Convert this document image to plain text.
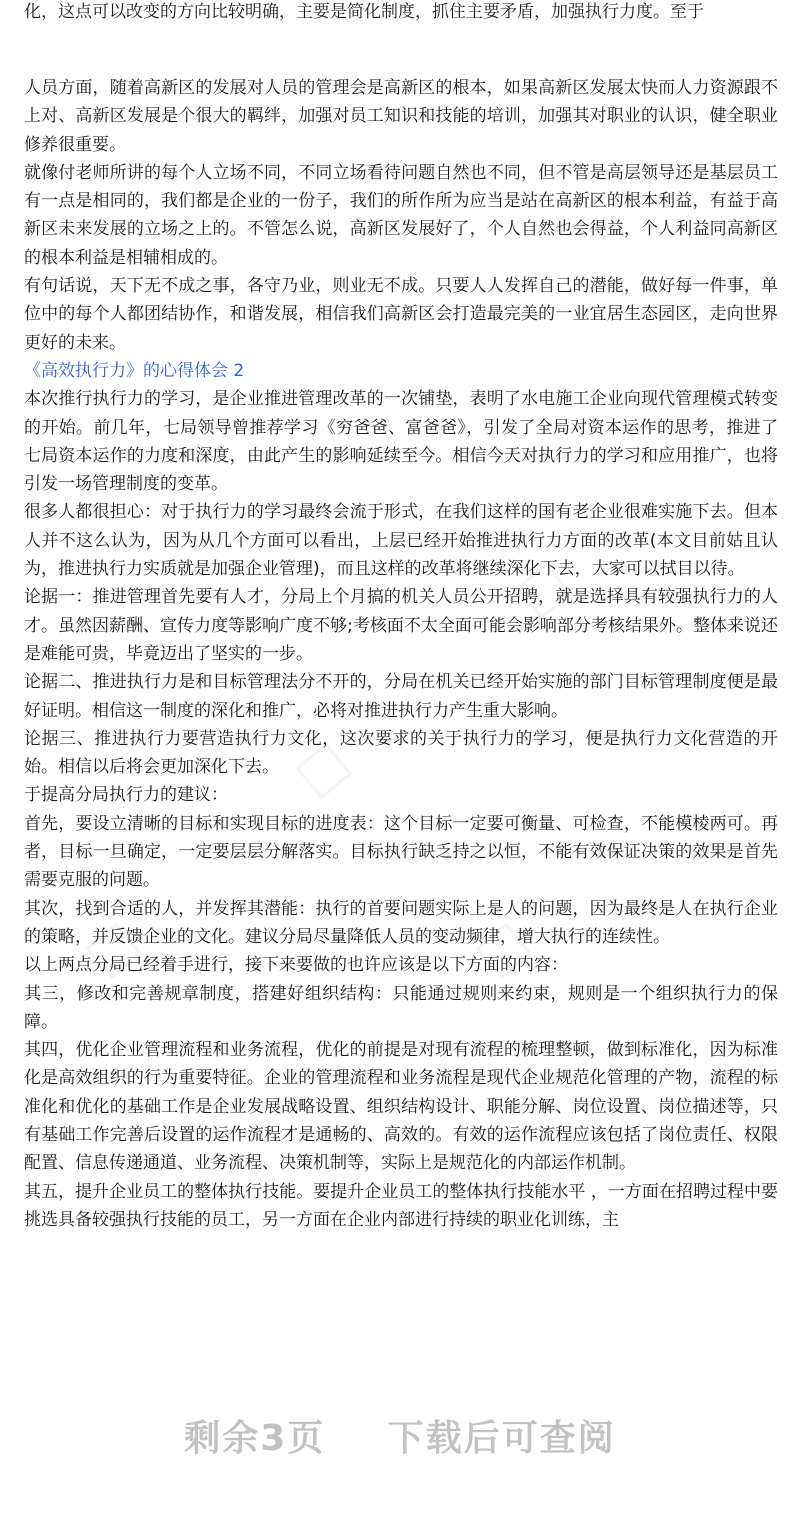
化，这点可以改变的方向比较明确，主要是简化制度，抓住主要矛盾，加强执行力度。至于

人员方面，随着高新区的发展对人员的管理会是高新区的根本，如果高新区发展太快而人力资源跟不上对、高新区发展是个很大的羁绊，加强对员工知识和技能的培训，加强其对职业的认识，健全职业修养很重要。

就像付老师所讲的每个人立场不同，不同立场看待问题自然也不同，但不管是高层领导还是基层员工有一点是相同的，我们都是企业的一份子，我们的所作所为应当是站在高新区的根本利益，有益于高新区未来发展的立场之上的。不管怎么说，高新区发展好了，个人自然也会得益，个人利益同高新区的根本利益是相辅相成的。

有句话说，天下无不成之事，各守乃业，则业无不成。只要人人发挥自己的潜能，做好每一件事，单位中的每个人都团结协作，和谐发展，相信我们高新区会打造最完美的一业宜居生态园区，走向世界更好的未来。

《高效执行力》的心得体会 2

本次推行执行力的学习，是企业推进管理改革的一次铺垫，表明了水电施工企业向现代管理模式转变的开始。前几年，七局领导曾推荐学习《穷爸爸、富爸爸》，引发了全局对资本运作的思考，推进了七局资本运作的力度和深度，由此产生的影响延续至今。相信今天对执行力的学习和应用推广，也将引发一场管理制度的变革。

很多人都很担心：对于执行力的学习最终会流于形式，在我们这样的国有老企业很难实施下去。但本人并不这么认为，因为从几个方面可以看出，上层已经开始推进执行力方面的改革(本文目前姑且认为，推进执行力实质就是加强企业管理)，而且这样的改革将继续深化下去，大家可以拭目以待。

论据一：推进管理首先要有人才，分局上个月搞的机关人员公开招聘，就是选择具有较强执行力的人才。虽然因薪酬、宣传力度等影响广度不够;考核面不太全面可能会影响部分考核结果外。整体来说还是难能可贵，毕竟迈出了坚实的一步。

论据二、推进执行力是和目标管理法分不开的，分局在机关已经开始实施的部门目标管理制度便是最好证明。相信这一制度的深化和推广，必将对推进执行力产生重大影响。

论据三、推进执行力要营造执行力文化，这次要求的关于执行力的学习，便是执行力文化营造的开始。相信以后将会更加深化下去。

于提高分局执行力的建议：

首先，要设立清晰的目标和实现目标的进度表：这个目标一定要可衡量、可检查，不能模棱两可。再者，目标一旦确定，一定要层层分解落实。目标执行缺乏持之以恒，不能有效保证决策的效果是首先需要克服的问题。

其次，找到合适的人，并发挥其潜能：执行的首要问题实际上是人的问题，因为最终是人在执行企业的策略，并反馈企业的文化。建议分局尽量降低人员的变动频律，增大执行的连续性。

以上两点分局已经着手进行，接下来要做的也许应该是以下方面的内容：

其三，修改和完善规章制度，搭建好组织结构：只能通过规则来约束，规则是一个组织执行力的保障。

其四，优化企业管理流程和业务流程，优化的前提是对现有流程的梳理整顿，做到标准化，因为标准化是高效组织的行为重要特征。企业的管理流程和业务流程是现代企业规范化管理的产物，流程的标准化和优化的基础工作是企业发展战略设置、组织结构设计、职能分解、岗位设置、岗位描述等，只有基础工作完善后设置的运作流程才是通畅的、高效的。有效的运作流程应该包括了岗位责任、权限配置、信息传递通道、业务流程、决策机制等，实际上是规范化的内部运作机制。

其五，提升企业员工的整体执行技能。要提升企业员工的整体执行技能水平 ，一方面在招聘过程中要挑选具备较强执行技能的员工，另一方面在企业内部进行持续的职业化训练，主

剩余3页 下载后可查阅
